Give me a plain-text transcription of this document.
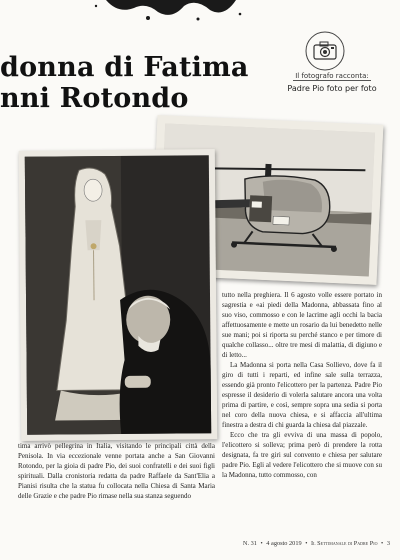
donna di Fatima
nni Rotondo
Il fotografo racconta:
Padre Pio foto per foto

tutto nella preghiera. Il 6 agosto volle essere portato in sagrestia e «ai piedi della Madonna, abbassata fino al suo viso, commosso e con le lacrime agli occhi la bacia affettuosamente e mette un rosario da lui benedetto nelle sue mani; poi si riporta su perché stanco e per timore di qualche collasso... oltre tre mesi di malattia, di digiuno e di letto...

La Madonna si porta nella Casa Sollievo, dove fa il giro di tutti i reparti, ed infine sale sulla terrazza, essendo già pronto l'elicottero per la partenza. Padre Pio espresse il desiderio di volerla salutare ancora una volta prima di partire, e così, sempre sopra una sedia si porta nel coro della nuova chiesa, e si affaccia all'ultima finestra a destra di chi guarda la chiesa dal piazzale.

Ecco che tra gli evviva di una massa di popolo, l'elicottero si solleva; prima però di prendere la rotta designata, fa tre giri sul convento e chiesa per salutare padre Pio. Egli al vedere l'elicottero che si muove con su la Madonna, tutto commosso, con

tima arrivò pellegrina in Italia, visitando le principali città della Penisola. In via eccezionale venne portata anche a San Giovanni Rotondo, per la gioia di padre Pio, dei suoi confratelli e dei suoi figli spirituali. Dalla cronistoria redatta da padre Raffaele da Sant'Elia a Pianisi risulta che la statua fu collocata nella Chiesa di Santa Maria delle Grazie e che padre Pio rimase nella sua stanza seguendo

N. 31 • 4 agosto 2019 • Il Settimanale di Padre Pio • 3
